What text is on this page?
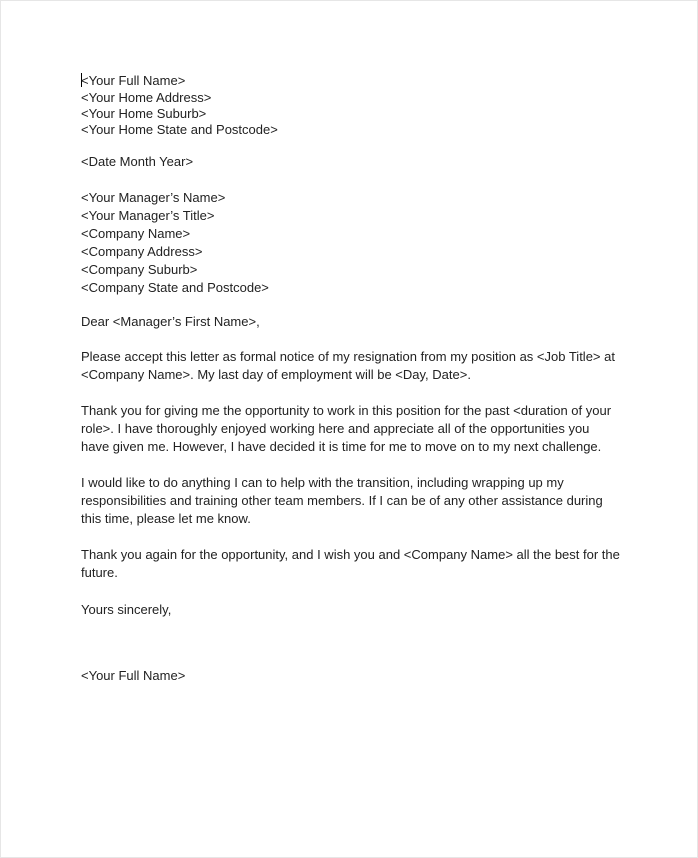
<Your Full Name>
<Your Home Address>
<Your Home Suburb>
<Your Home State and Postcode>
<Date Month Year>
<Your Manager’s Name>
<Your Manager’s Title>
<Company Name>
<Company Address>
<Company Suburb>
<Company State and Postcode>
Dear <Manager’s First Name>,

Please accept this letter as formal notice of my resignation from my position as <Job Title> at <Company Name>. My last day of employment will be <Day, Date>.

Thank you for giving me the opportunity to work in this position for the past <duration of your role>. I have thoroughly enjoyed working here and appreciate all of the opportunities you have given me. However, I have decided it is time for me to move on to my next challenge.

I would like to do anything I can to help with the transition, including wrapping up my responsibilities and training other team members. If I can be of any other assistance during this time, please let me know.

Thank you again for the opportunity, and I wish you and <Company Name> all the best for the future.

Yours sincerely,
<Your Full Name>
